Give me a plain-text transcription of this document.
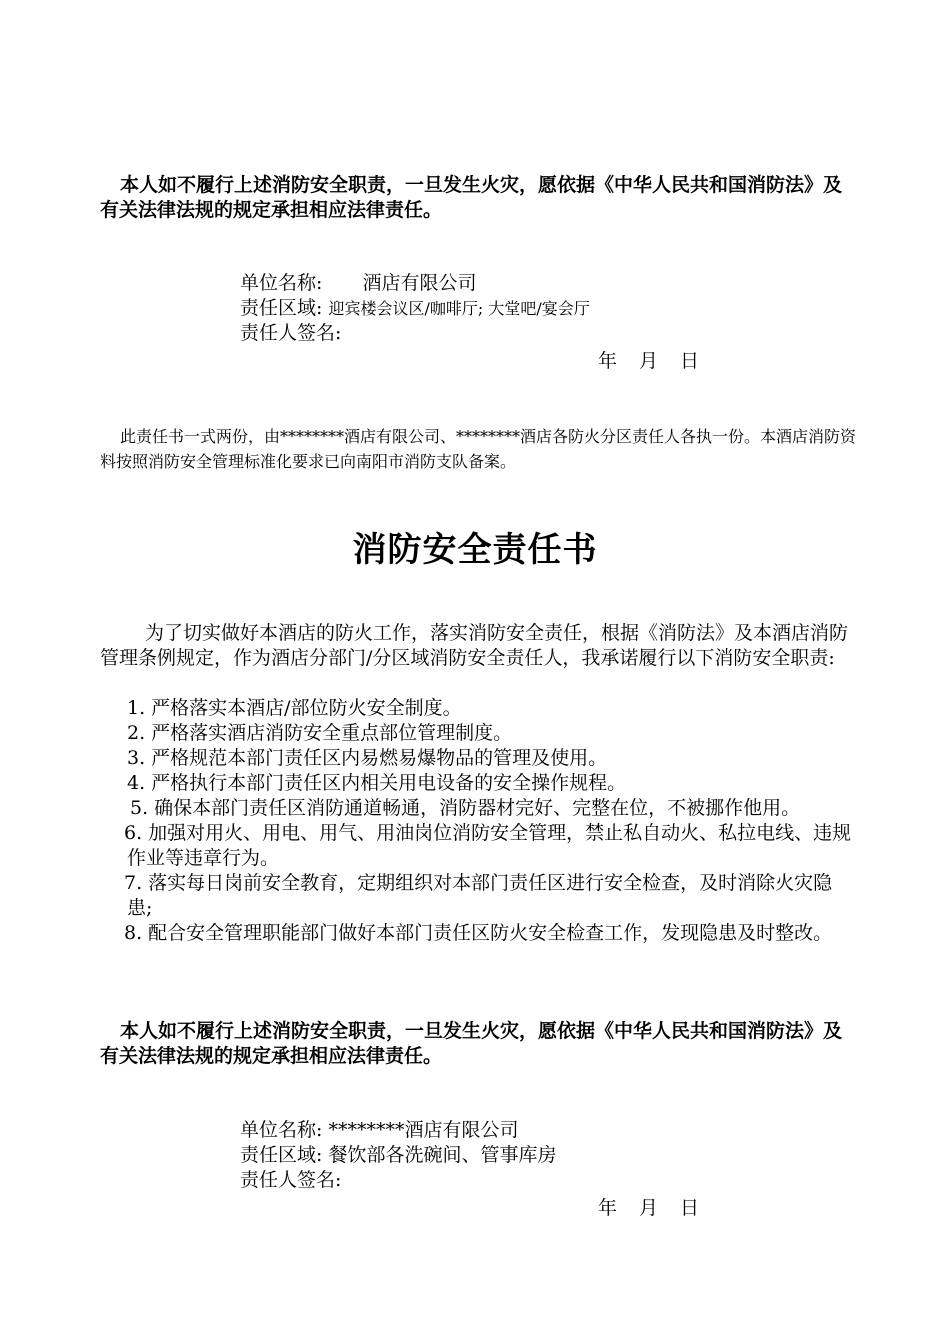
本人如不履行上述消防安全职责，一旦发生火灾，愿依据《中华人民共和国消防法》及有关法律法规的规定承担相应法律责任。
单位名称: 酒店有限公司
责任区域: 迎宾楼会议区/咖啡厅; 大堂吧/宴会厅
责任人签名:
年 月 日
此责任书一式两份，由********酒店有限公司、********酒店各防火分区责任人各执一份。本酒店消防资料按照消防安全管理标准化要求已向南阳市消防支队备案。
消防安全责任书
为了切实做好本酒店的防火工作，落实消防安全责任，根据《消防法》及本酒店消防管理条例规定，作为酒店分部门/分区域消防安全责任人，我承诺履行以下消防安全职责:
1. 严格落实本酒店/部位防火安全制度。
2. 严格落实酒店消防安全重点部位管理制度。
3. 严格规范本部门责任区内易燃易爆物品的管理及使用。
4. 严格执行本部门责任区内相关用电设备的安全操作规程。
5. 确保本部门责任区消防通道畅通，消防器材完好、完整在位，不被挪作他用。
6. 加强对用火、用电、用气、用油岗位消防安全管理，禁止私自动火、私拉电线、违规作业等违章行为。
7. 落实每日岗前安全教育，定期组织对本部门责任区进行安全检查，及时消除火灾隐患;
8. 配合安全管理职能部门做好本部门责任区防火安全检查工作，发现隐患及时整改。
本人如不履行上述消防安全职责，一旦发生火灾，愿依据《中华人民共和国消防法》及有关法律法规的规定承担相应法律责任。
单位名称: ********酒店有限公司
责任区域: 餐饮部各洗碗间、管事库房
责任人签名:
年 月 日
